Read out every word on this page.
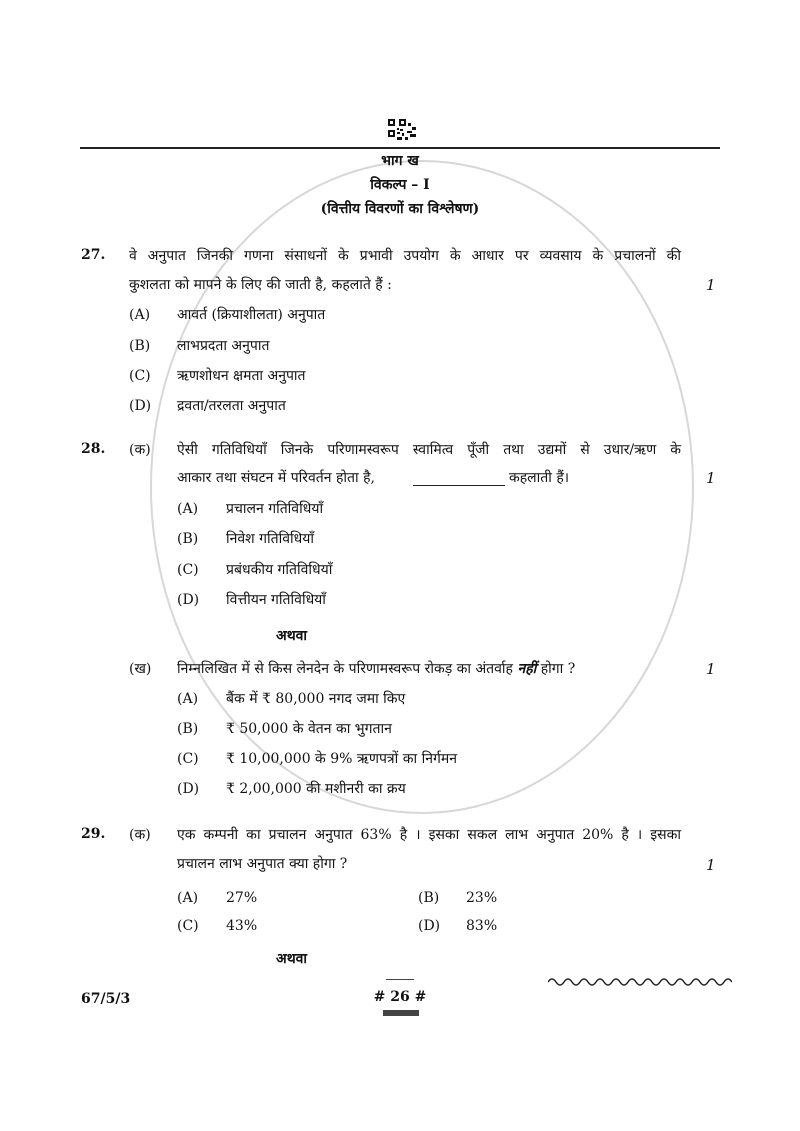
भाग ख
विकल्प – I
(वित्तीय विवरणों का विश्लेषण)
27. वे अनुपात जिनकी गणना संसाधनों के प्रभावी उपयोग के आधार पर व्यवसाय के प्रचालनों की
कुशलता को मापने के लिए की जाती है, कहलाते हैं :	1
(A) आवर्त (क्रियाशीलता) अनुपात
(B) लाभप्रदता अनुपात
(C) ऋणशोधन क्षमता अनुपात
(D) द्रवता/तरलता अनुपात
28. (क) ऐसी गतिविधियाँ जिनके परिणामस्वरूप स्वामित्व पूँजी तथा उद्यमों से उधार/ऋण के
आकार तथा संघटन में परिवर्तन होता है,	कहलाती हैं।	1
(A) प्रचालन गतिविधियाँ
(B) निवेश गतिविधियाँ
(C) प्रबंधकीय गतिविधियाँ
(D) वित्तीयन गतिविधियाँ
अथवा
(ख) निम्नलिखित में से किस लेनदेन के परिणामस्वरूप रोकड़ का अंतर्वाह नहीं होगा ?	1
(A) बैंक में ₹ 80,000 नगद जमा किए
(B) ₹ 50,000 के वेतन का भुगतान
(C) ₹ 10,00,000 के 9% ऋणपत्रों का निर्गमन
(D) ₹ 2,00,000 की मशीनरी का क्रय
29. (क) एक कम्पनी का प्रचालन अनुपात 63% है । इसका सकल लाभ अनुपात 20% है । इसका
प्रचालन लाभ अनुपात क्या होगा ?	1
(A) 27%	(B) 23%
(C) 43%	(D) 83%
अथवा
67/5/3	# 26 #
